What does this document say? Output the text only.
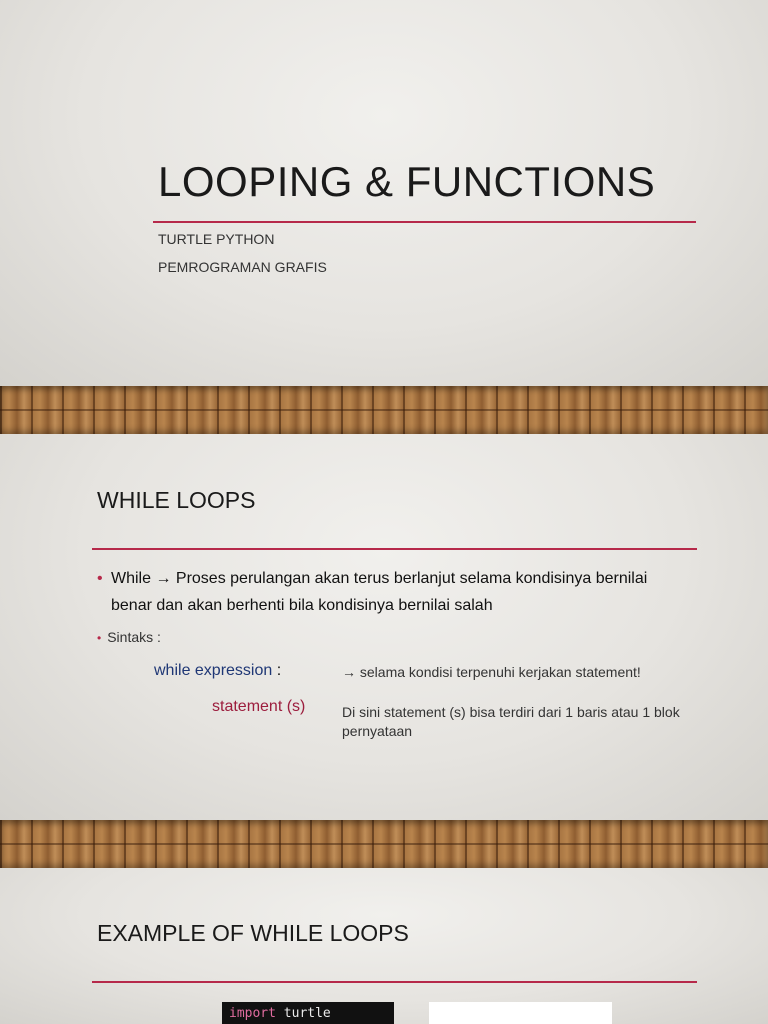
LOOPING & FUNCTIONS
TURTLE PYTHON
PEMROGRAMAN GRAFIS
WHILE LOOPS
• While → Proses perulangan akan terus berlanjut selama kondisinya bernilai benar dan akan berhenti bila kondisinya bernilai salah
• Sintaks :
while expression :
statement (s)
→ selama kondisi terpenuhi kerjakan statement!
Di sini statement (s) bisa terdiri dari 1 baris atau 1 blok pernyataan
EXAMPLE OF WHILE LOOPS
import turtle
